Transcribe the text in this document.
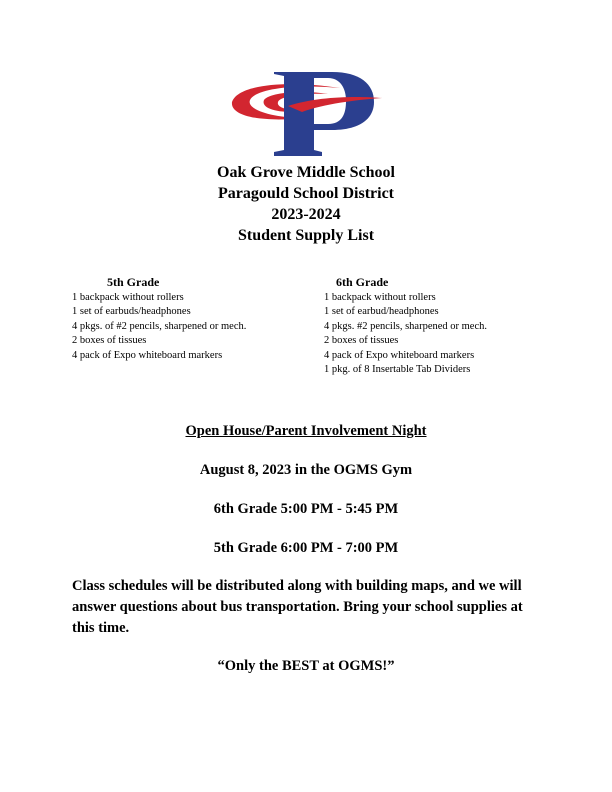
Oak Grove Middle School
Paragould School District
2023-2024
Student Supply List
5th Grade
1 backpack without rollers
1 set of earbuds/headphones
4 pkgs. of #2 pencils, sharpened or mech.
2 boxes of tissues
4 pack of Expo whiteboard markers
6th Grade
1 backpack without rollers
1 set of earbud/headphones
4 pkgs. #2 pencils, sharpened or mech.
2 boxes of tissues
4 pack of Expo whiteboard markers
1 pkg. of 8 Insertable Tab Dividers
Open House/Parent Involvement Night
August 8, 2023 in the OGMS Gym
6th Grade 5:00 PM - 5:45 PM
5th Grade 6:00 PM - 7:00 PM
Class schedules will be distributed along with building maps, and we will answer questions about bus transportation. Bring your school supplies at this time.
“Only the BEST at OGMS!”
